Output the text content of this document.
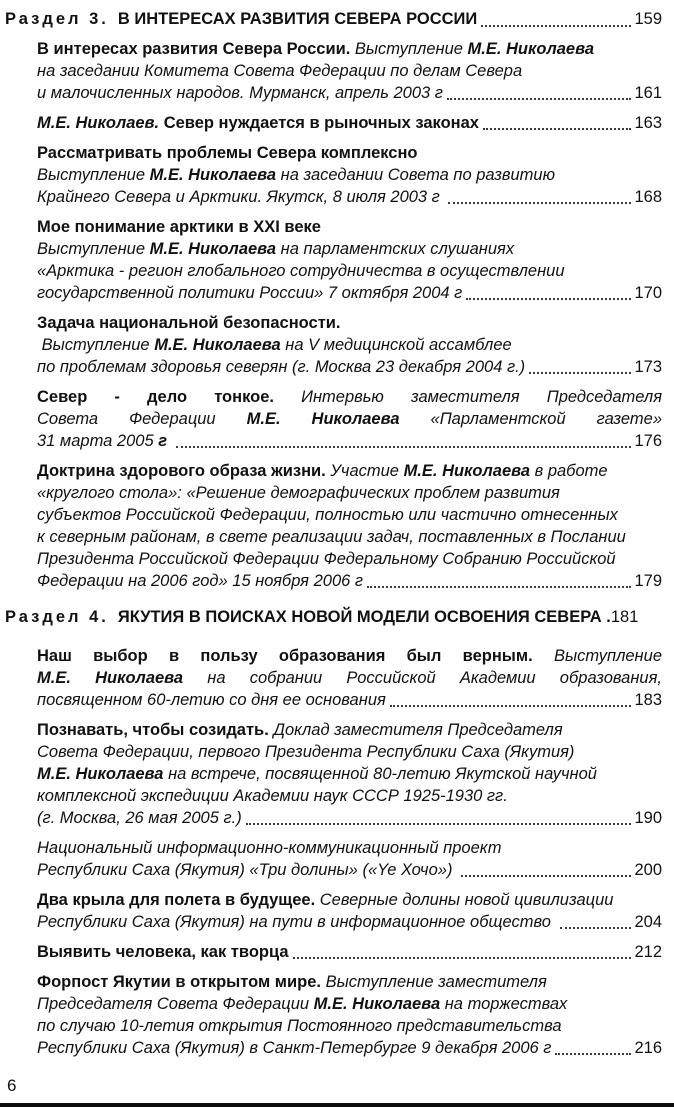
Раздел 3. В ИНТЕРЕСАХ РАЗВИТИЯ СЕВЕРА РОССИИ	159
В интересах развития Севера России. Выступление М.Е. Николаева
на заседании Комитета Совета Федерации по делам Севера
и малочисленных народов. Мурманск, апрель 2003 г	161
М.Е. Николаев. Север нуждается в рыночных законах	163
Рассматривать проблемы Севера комплексно
Выступление М.Е. Николаева на заседании Совета по развитию
Крайнего Севера и Арктики. Якутск, 8 июля 2003 г	168
Мое понимание арктики в XXI веке
Выступление М.Е. Николаева на парламентских слушаниях
«Арктика - регион глобального сотрудничества в осуществлении
государственной политики России» 7 октября 2004 г	170
Задача национальной безопасности.
Выступление М.Е. Николаева на V медицинской ассамблее
по проблемам здоровья северян (г. Москва 23 декабря 2004 г.)	173
Север - дело тонкое. Интервью заместителя Председателя
Совета Федерации М.Е. Николаева «Парламентской газете»
31 марта 2005 г	176
Доктрина здорового образа жизни. Участие М.Е. Николаева в работе
«круглого стола»: «Решение демографических проблем развития
субъектов Российской Федерации, полностью или частично отнесенных
к северным районам, в свете реализации задач, поставленных в Послании
Президента Российской Федерации Федеральному Собранию Российской
Федерации на 2006 год» 15 ноября 2006 г	179
Раздел 4. ЯКУТИЯ В ПОИСКАХ НОВОЙ МОДЕЛИ ОСВОЕНИЯ СЕВЕРА . 181
Наш выбор в пользу образования был верным. Выступление
М.Е. Николаева на собрании Российской Академии образования,
посвященном 60-летию со дня ее основания	183
Познавать, чтобы созидать. Доклад заместителя Председателя
Совета Федерации, первого Президента Республики Саха (Якутия)
М.Е. Николаева на встрече, посвященной 80-летию Якутской научной
комплексной экспедиции Академии наук СССР 1925-1930 гг.
(г. Москва, 26 мая 2005 г.)	190
Национальный информационно-коммуникационный проект
Республики Саха (Якутия) «Три долины» («Ye Хочо»)	200
Два крыла для полета в будущее. Северные долины новой цивилизации
Республики Саха (Якутия) на пути в информационное общество	204
Выявить человека, как творца	212
Форпост Якутии в открытом мире. Выступление заместителя
Председателя Совета Федерации М.Е. Николаева на торжествах
по случаю 10-летия открытия Постоянного представительства
Республики Саха (Якутия) в Санкт-Петербурге 9 декабря 2006 г	216
6
